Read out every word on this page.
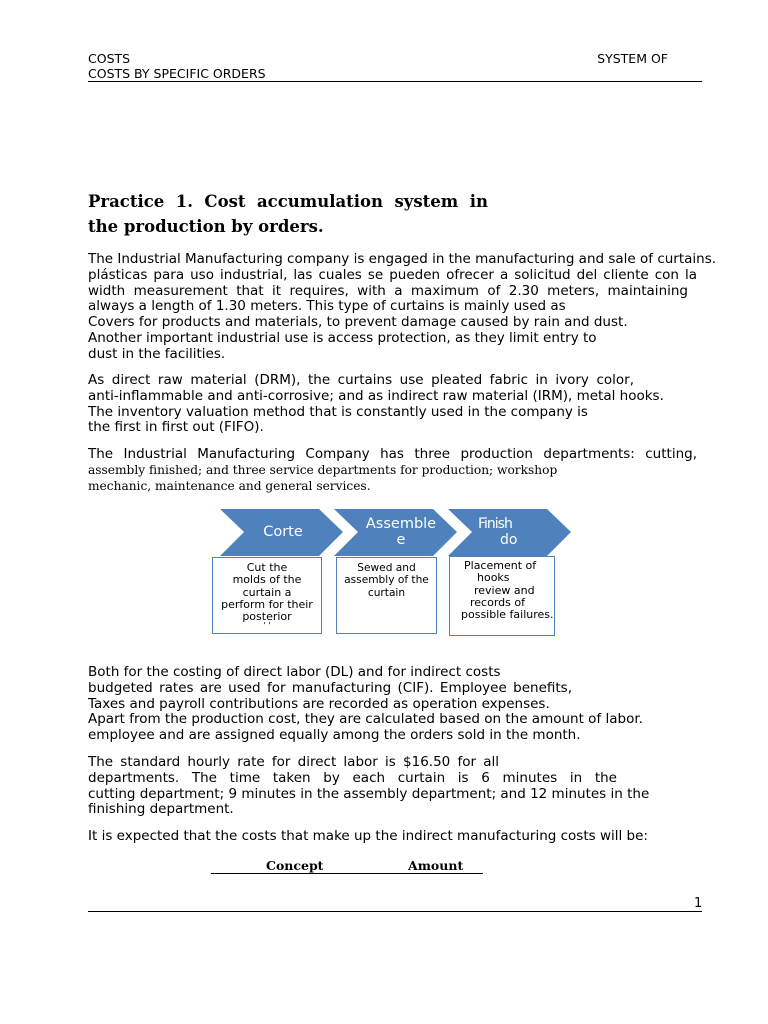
COSTS
COSTS BY SPECIFIC ORDERS
SYSTEM OF
Practice 1. Cost accumulation system in the production by orders.
The Industrial Manufacturing company is engaged in the manufacturing and sale of curtains.
plásticas para uso industrial, las cuales se pueden ofrecer a solicitud del cliente con la
width measurement that it requires, with a maximum of 2.30 meters, maintaining
always a length of 1.30 meters. This type of curtains is mainly used as
Covers for products and materials, to prevent damage caused by rain and dust.
Another important industrial use is access protection, as they limit entry to
dust in the facilities.
As direct raw material (DRM), the curtains use pleated fabric in ivory color,
anti-inflammable and anti-corrosive; and as indirect raw material (IRM), metal hooks.
The inventory valuation method that is constantly used in the company is
the first in first out (FIFO).
The Industrial Manufacturing Company has three production departments: cutting,
assembly finished; and three service departments for production; workshop
mechanic, maintenance and general services.
Corte	Assemble
e
Finish
do
Cut the
molds of the
curtain a
perform for their
posterior
' '
Sewed and
assembly of the
curtain
Placement of
hooks
review and
records of
possible failures.
Both for the costing of direct labor (DL) and for indirect costs
budgeted rates are used for manufacturing (CIF). Employee benefits,
Taxes and payroll contributions are recorded as operation expenses.
Apart from the production cost, they are calculated based on the amount of labor.
employee and are assigned equally among the orders sold in the month.
The standard hourly rate for direct labor is $16.50 for all
departments. The time taken by each curtain is 6 minutes in the
cutting department; 9 minutes in the assembly department; and 12 minutes in the
finishing department.
It is expected that the costs that make up the indirect manufacturing costs will be:
Concept	Amount
1
